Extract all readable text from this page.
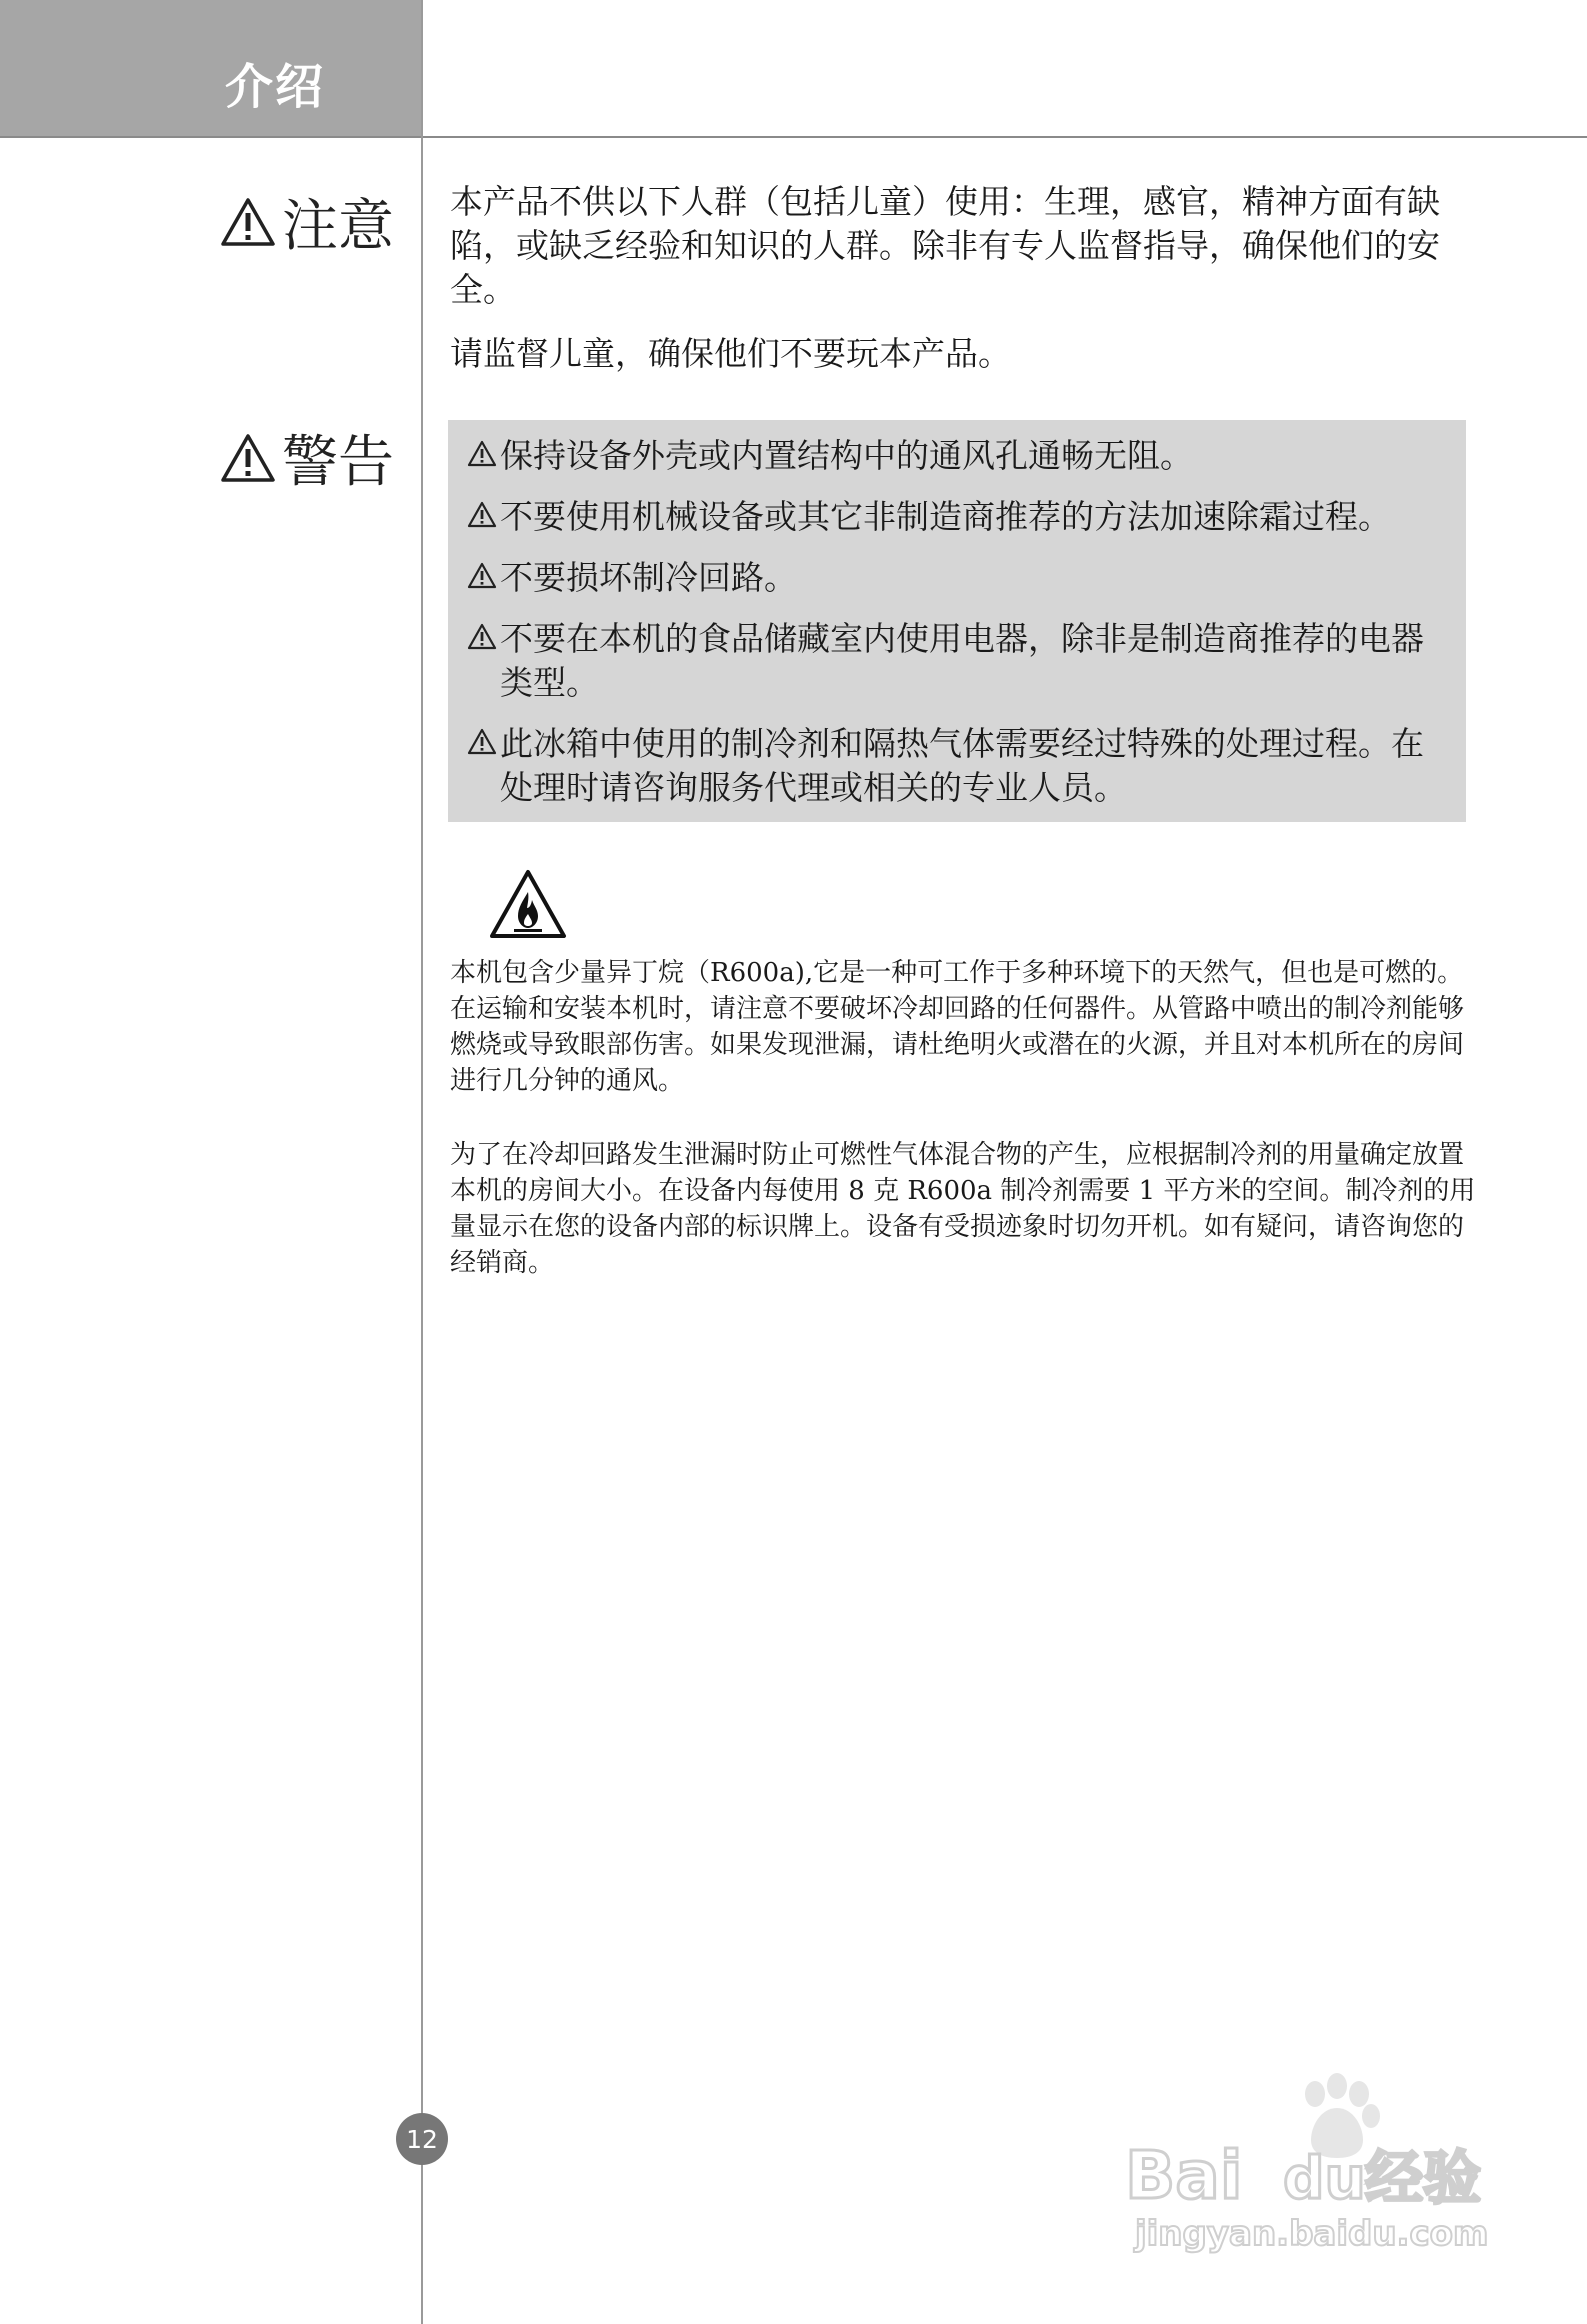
介绍
注意 本产品不供以下人群（包括儿童）使用：生理，感官，精神方面有缺陷，或缺乏经验和知识的人群。除非有专人监督指导，确保他们的安全。

请监督儿童，确保他们不要玩本产品。

警告	保持设备外壳或内置结构中的通风孔通畅无阻。
不要使用机械设备或其它非制造商推荐的方法加速除霜过程。
不要损坏制冷回路。
不要在本机的食品储藏室内使用电器，除非是制造商推荐的电器类型。
此冰箱中使用的制冷剂和隔热气体需要经过特殊的处理过程。在处理时请咨询服务代理或相关的专业人员。

本机包含少量异丁烷（R600a),它是一种可工作于多种环境下的天然气，但也是可燃的。在运输和安装本机时，请注意不要破坏冷却回路的任何器件。从管路中喷出的制冷剂能够燃烧或导致眼部伤害。如果发现泄漏，请杜绝明火或潜在的火源，并且对本机所在的房间进行几分钟的通风。

为了在冷却回路发生泄漏时防止可燃性气体混合物的产生，应根据制冷剂的用量确定放置本机的房间大小。在设备内每使用 8 克 R600a 制冷剂需要 1 平方米的空间。制冷剂的用量显示在您的设备内部的标识牌上。设备有受损迹象时切勿开机。如有疑问，请咨询您的经销商。

12	Bai du 经验
jingyan.baidu.com
